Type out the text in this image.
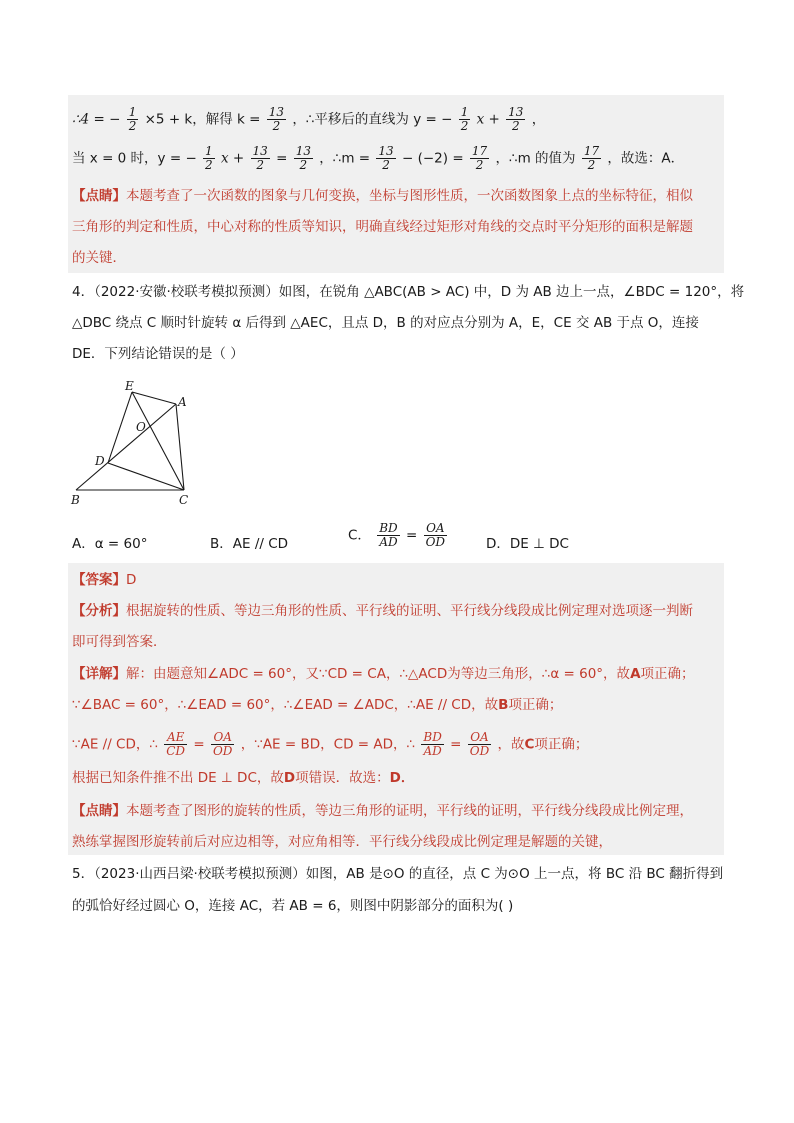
∴4 = − $\frac{1}{2} \times 5 + k$，解得 $k = \frac{13}{2}$ ，∴平移后的直线为 y = − $\frac{1}{2}$ $x + \frac{13}{2}$ ，
当 x = 0 时，y = − $\frac{1}{2}$ $x + \frac{13}{2} = \frac{13}{2}$ ，∴m = $\frac{13}{2} - (-2) = \frac{17}{2}$ ，∴m 的值为 $\frac{17}{2}$ ，故选：A．
【点睛】本题考查了一次函数的图象与几何变换，坐标与图形性质，一次函数图象上点的坐标特征，相似
三角形的判定和性质，中心对称的性质等知识，明确直线经过矩形对角线的交点时平分矩形的面积是解题
的关键．
4．（2022·安徽·校联考模拟预测）如图，在锐角 △ABC(AB > AC) 中，D 为 AB 边上一点，∠BDC = 120°，将
△DBC 绕点 C 顺时针旋转 α 后得到 △AEC，且点 D，B 的对应点分别为 A，E，CE 交 AB 于点 O，连接
DE．下列结论错误的是（ ）
E
A
O
D
B	C
A．α = 60°	B．AE // CD
C． $\frac{BD}{AD} = \frac{OA}{OD}$	D．DE ⊥ DC
【答案】D
【分析】根据旋转的性质、等边三角形的性质、平行线的证明、平行线分线段成比例定理对选项逐一判断
即可得到答案．
【详解】解：由题意知∠ADC = 60°，又∵CD = CA，∴△ACD为等边三角形，∴α = 60°，故A项正确；
∵∠BAC = 60°，∴∠EAD = 60°，∴∠EAD = ∠ADC，∴AE // CD，故B项正确；
∵AE // CD，∴ $\frac{AE}{CD} = \frac{OA}{OD}$ ，∵AE = BD，CD = AD，∴ $\frac{BD}{AD} = \frac{OA}{OD}$ ，故C项正确；
根据已知条件推不出 DE ⊥ DC，故D项错误．故选：D．
【点睛】本题考查了图形的旋转的性质，等边三角形的证明，平行线的证明，平行线分线段成比例定理，
熟练掌握图形旋转前后对应边相等，对应角相等．平行线分线段成比例定理是解题的关键，
5．（2023·山西吕梁·校联考模拟预测）如图，AB 是⊙O 的直径，点 C 为⊙O 上一点，将 BC 沿 BC 翻折得到
的弧恰好经过圆心 O，连接 AC，若 AB = 6，则图中阴影部分的面积为( )
